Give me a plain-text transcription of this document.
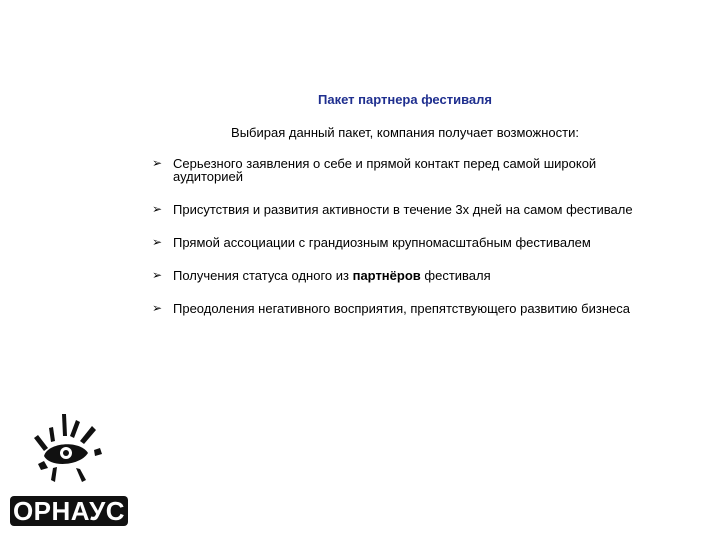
Пакет партнера фестиваля
Выбирая данный пакет, компания получает возможности:
➢ Серьезного заявления о себе и прямой контакт перед самой широкой аудиторией
➢ Присутствия и развития активности в течение 3х дней на самом фестивале
➢ Прямой ассоциации с грандиозным крупномасштабным фестивалем
➢ Получения статуса одного из партнёров фестиваля
➢ Преодоления негативного восприятия, препятствующего развитию бизнеса
ОРНАУС
